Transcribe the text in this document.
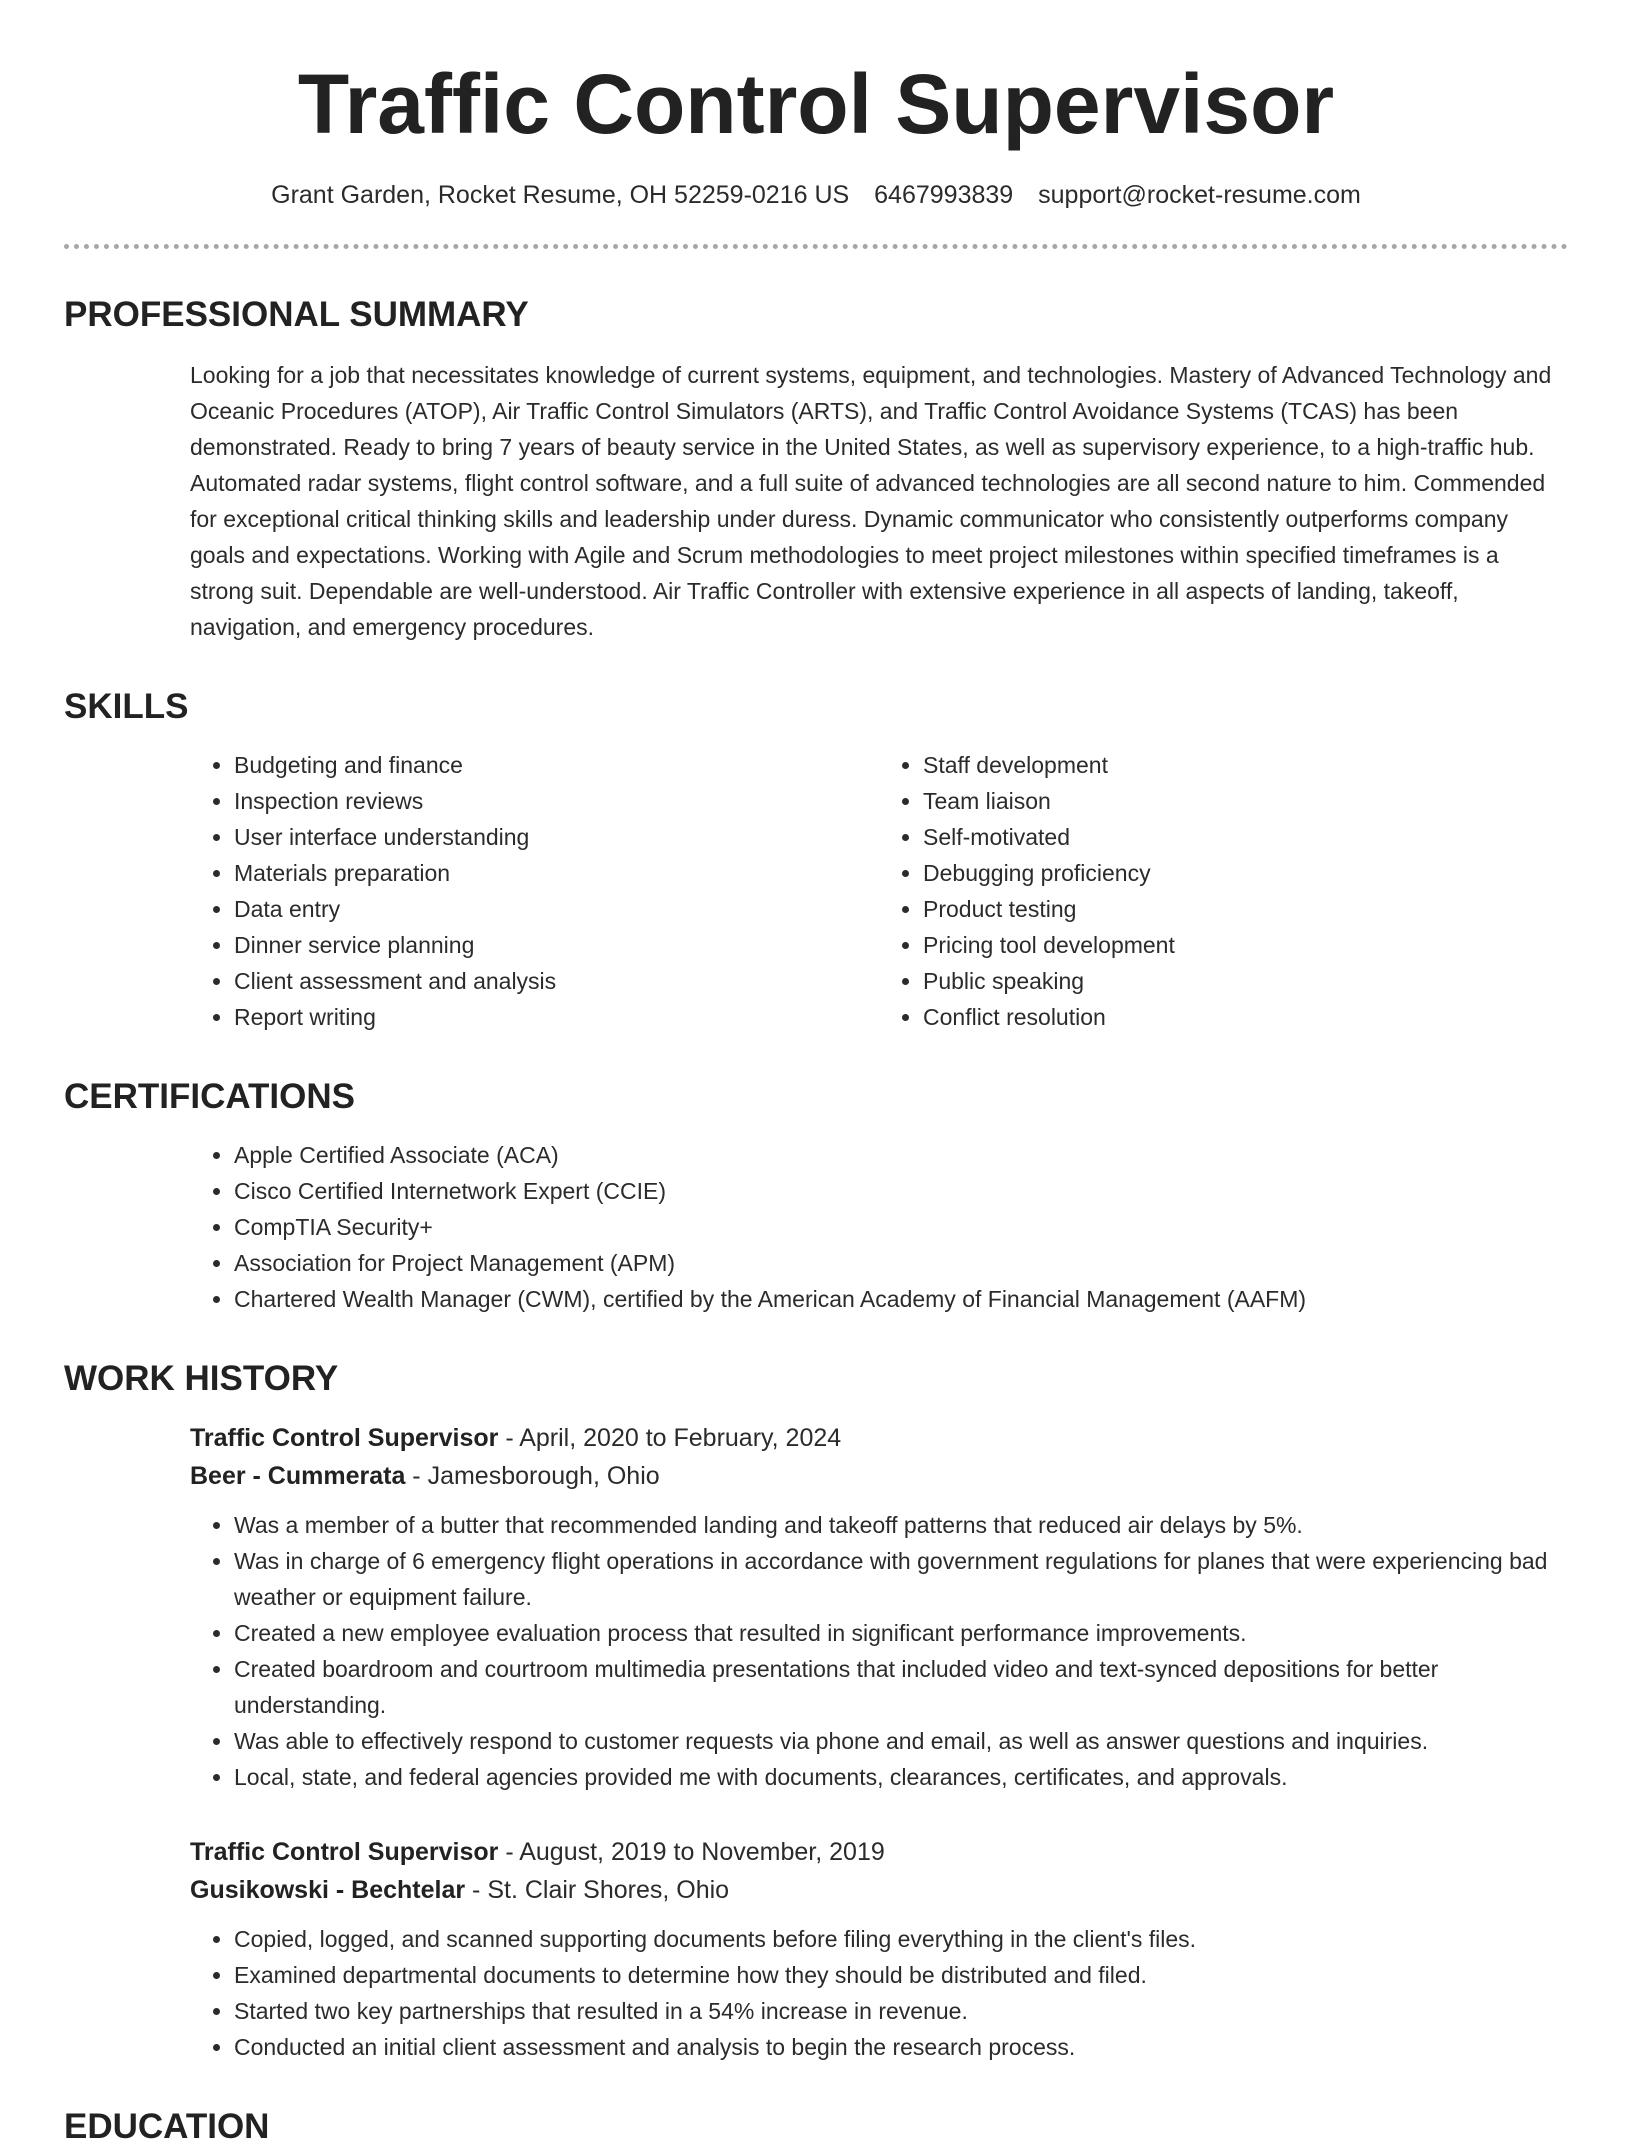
Traffic Control Supervisor
Grant Garden, Rocket Resume, OH 52259-0216 US 6467993839 support@rocket-resume.com
PROFESSIONAL SUMMARY

Looking for a job that necessitates knowledge of current systems, equipment, and technologies. Mastery of Advanced Technology and Oceanic Procedures (ATOP), Air Traffic Control Simulators (ARTS), and Traffic Control Avoidance Systems (TCAS) has been demonstrated. Ready to bring 7 years of beauty service in the United States, as well as supervisory experience, to a high-traffic hub. Automated radar systems, flight control software, and a full suite of advanced technologies are all second nature to him. Commended for exceptional critical thinking skills and leadership under duress. Dynamic communicator who consistently outperforms company goals and expectations. Working with Agile and Scrum methodologies to meet project milestones within specified timeframes is a strong suit. Dependable are well-understood. Air Traffic Controller with extensive experience in all aspects of landing, takeoff, navigation, and emergency procedures.

SKILLS
• Budgeting and finance
• Inspection reviews
• User interface understanding
• Materials preparation
• Data entry
• Dinner service planning
• Client assessment and analysis
• Report writing
• Staff development
• Team liaison
• Self-motivated
• Debugging proficiency
• Product testing
• Pricing tool development
• Public speaking
• Conflict resolution
CERTIFICATIONS
• Apple Certified Associate (ACA)
• Cisco Certified Internetwork Expert (CCIE)
• CompTIA Security+
• Association for Project Management (APM)
• Chartered Wealth Manager (CWM), certified by the American Academy of Financial Management (AAFM)
WORK HISTORY
Traffic Control Supervisor - April, 2020 to February, 2024
Beer - Cummerata - Jamesborough, Ohio
• Was a member of a butter that recommended landing and takeoff patterns that reduced air delays by 5%.
• Was in charge of 6 emergency flight operations in accordance with government regulations for planes that were experiencing bad weather or equipment failure.
• Created a new employee evaluation process that resulted in significant performance improvements.
• Created boardroom and courtroom multimedia presentations that included video and text-synced depositions for better understanding.
• Was able to effectively respond to customer requests via phone and email, as well as answer questions and inquiries.
• Local, state, and federal agencies provided me with documents, clearances, certificates, and approvals.
Traffic Control Supervisor - August, 2019 to November, 2019
Gusikowski - Bechtelar - St. Clair Shores, Ohio
• Copied, logged, and scanned supporting documents before filing everything in the client's files.
• Examined departmental documents to determine how they should be distributed and filed.
• Started two key partnerships that resulted in a 54% increase in revenue.
• Conducted an initial client assessment and analysis to begin the research process.
EDUCATION
